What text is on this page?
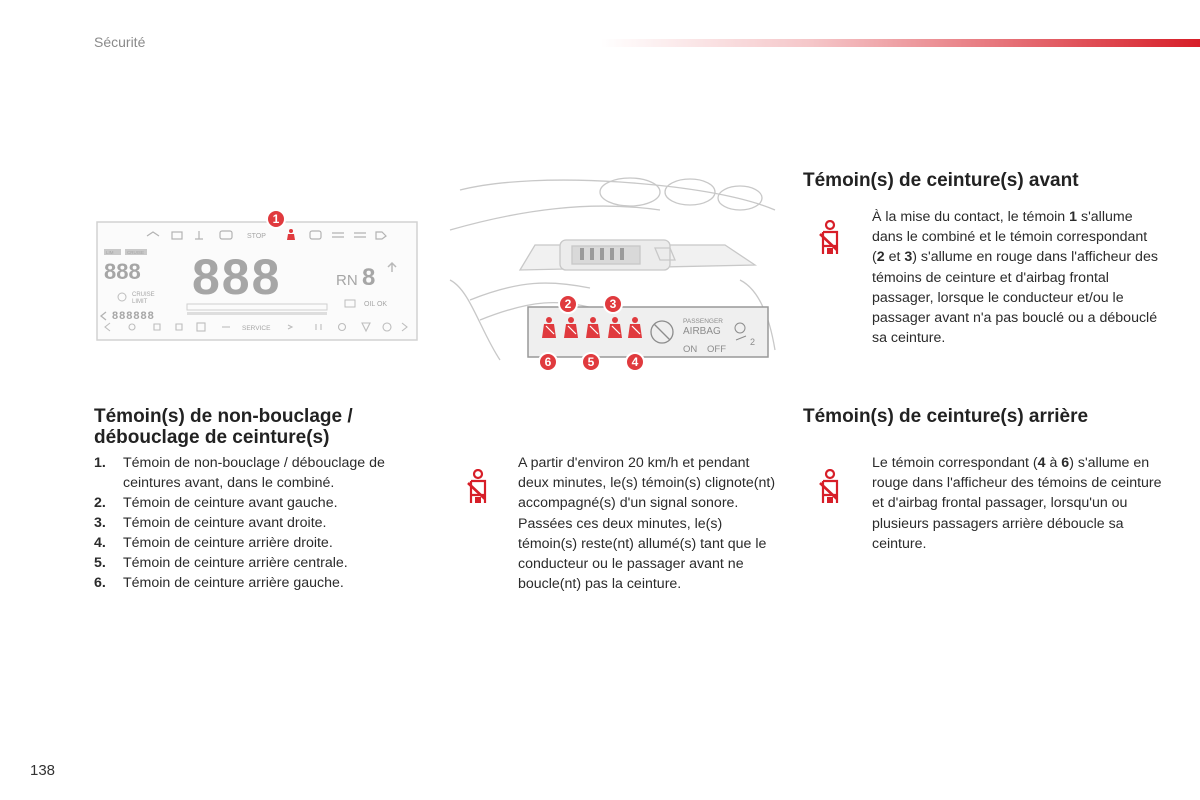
Sécurité
STOP
1
LIM	CRUISE
888
CRUISE
LIMIT 888	RN 8
OIL OK
888888
SERVICE
PASSENGER
AIRBAG
ON OFF
2
2	3
6	5	4
Témoin(s) de ceinture(s) avant

À la mise du contact, le témoin 1 s'allume dans le combiné et le témoin correspondant (2 et 3) s'allume en rouge dans l'afficheur des témoins de ceinture et d'airbag frontal passager, lorsque le conducteur et/ou le passager avant n'a pas bouclé ou a débouclé sa ceinture.

Témoin(s) de non-bouclage / débouclage de ceinture(s)
1. Témoin de non-bouclage / débouclage de ceintures avant, dans le combiné.
2. Témoin de ceinture avant gauche.
3. Témoin de ceinture avant droite.
4. Témoin de ceinture arrière droite.
5. Témoin de ceinture arrière centrale.
6. Témoin de ceinture arrière gauche.

A partir d'environ 20 km/h et pendant deux minutes, le(s) témoin(s) clignote(nt) accompagné(s) d'un signal sonore. Passées ces deux minutes, le(s) témoin(s) reste(nt) allumé(s) tant que le conducteur ou le passager avant ne boucle(nt) pas la ceinture.

Témoin(s) de ceinture(s) arrière

Le témoin correspondant (4 à 6) s'allume en rouge dans l'afficheur des témoins de ceinture et d'airbag frontal passager, lorsqu'un ou plusieurs passagers arrière déboucle sa ceinture.

138
